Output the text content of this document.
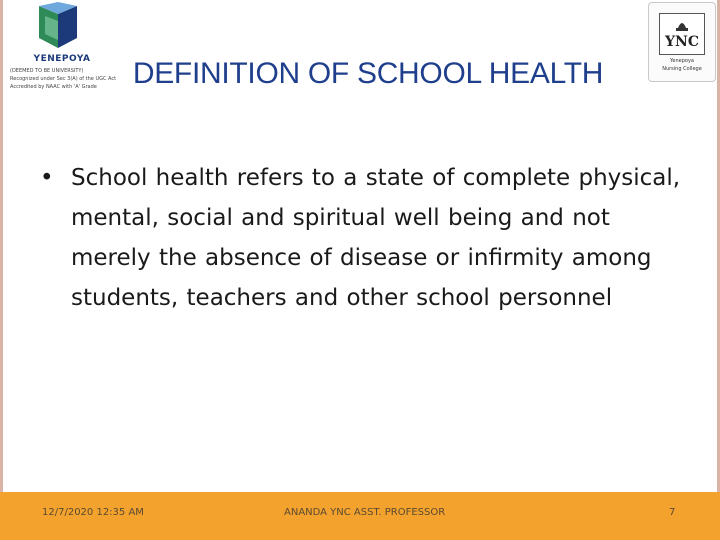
YENEPOYA
(DEEMED TO BE UNIVERSITY)
Recognized under Sec 3(A) of the UGC Act
Accredited by NAAC with 'A' Grade
YNC
Yenepoya
Nursing College
DEFINITION OF SCHOOL HEALTH
• School health refers to a state of complete physical, mental, social and spiritual well being and not merely the absence of disease or infirmity among students, teachers and other school personnel
12/7/2020 12:35 AM	ANANDA YNC ASST. PROFESSOR	7
